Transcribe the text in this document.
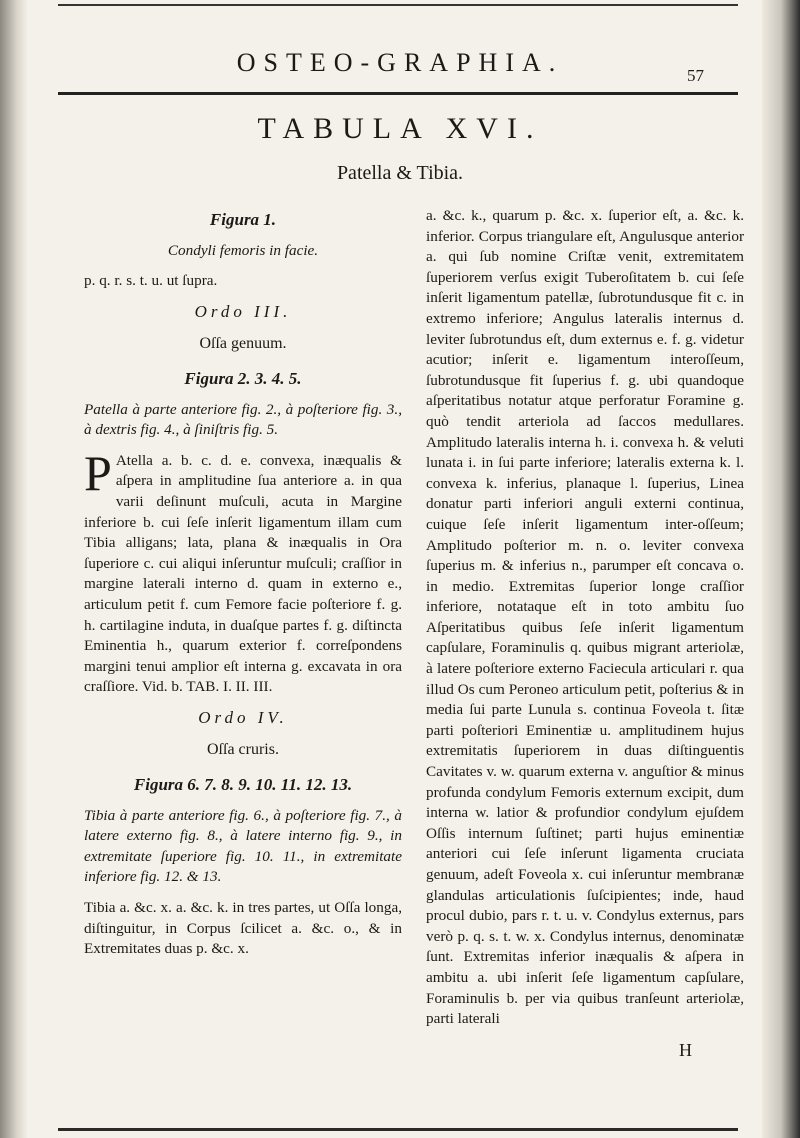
OSTEO-GRAPHIA.	57
TABULA XVI.
Patella & Tibia.
Figura 1.

Condyli femoris in facie.

p. q. r. s. t. u. ut ſupra.

Ordo III.
Oſſa genuum.
Figura 2. 3. 4. 5.

Patella à parte anteriore fig. 2., à poſteriore fig. 3., à dextris fig. 4., à ſiniſtris fig. 5.

P Atella a. b. c. d. e. convexa, inæqualis & aſpera in amplitudine ſua anteriore a. in qua varii deſinunt muſculi, acuta in Margine inferiore b. cui ſeſe inſerit ligamentum illam cum Tibia alligans; lata, plana & inæqualis in Ora ſuperiore c. cui aliqui inſeruntur muſculi; craſſior in margine laterali interno d. quam in externo e., articulum petit f. cum Femore facie poſteriore f. g. h. cartilagine induta, in duaſque partes f. g. diſtincta Eminentia h., quarum exterior f. correſpondens margini tenui amplior eſt interna g. excavata in ora craſſiore. Vid. b. TAB. I. II. III.

Ordo IV.
Oſſa cruris.
Figura 6. 7. 8. 9. 10. 11. 12. 13.

Tibia à parte anteriore fig. 6., à poſteriore fig. 7., à latere externo fig. 8., à latere interno fig. 9., in extremitate ſuperiore fig. 10. 11., in extremitate inferiore fig. 12. & 13.

Tibia a. &c. x. a. &c. k. in tres partes, ut Oſſa longa, diſtinguitur, in Corpus ſcilicet a. &c. o., & in Extremitates duas p. &c. x.

a. &c. k., quarum p. &c. x. ſuperior eſt, a. &c. k. inferior. Corpus triangulare eſt, Angulusque anterior a. qui ſub nomine Criſtæ venit, extremitatem ſuperiorem verſus exigit Tuberoſitatem b. cui ſeſe inſerit ligamentum patellæ, ſubrotundusque fit c. in extremo inferiore; Angulus lateralis internus d. leviter ſubrotundus eſt, dum externus e. f. g. videtur acutior; inſerit e. ligamentum interoſſeum, ſubrotundusque fit ſuperius f. g. ubi quandoque aſperitatibus notatur atque perforatur Foramine g. quò tendit arteriola ad ſaccos medullares. Amplitudo lateralis interna h. i. convexa h. & veluti lunata i. in ſui parte inferiore; lateralis externa k. l. convexa k. inferius, planaque l. ſuperius, Linea donatur parti inferiori anguli externi continua, cuique ſeſe inſerit ligamentum inter-oſſeum; Amplitudo poſterior m. n. o. leviter convexa ſuperius m. & inferius n., parumper eſt concava o. in medio. Extremitas ſuperior longe craſſior inferiore, notataque eſt in toto ambitu ſuo Aſperitatibus quibus ſeſe inſerit ligamentum capſulare, Foraminulis q. quibus migrant arteriolæ, à latere poſteriore externo Faciecula articulari r. qua illud Os cum Peroneo articulum petit, poſterius & in media ſui parte Lunula s. continua Foveola t. ſitæ parti poſteriori Eminentiæ u. amplitudinem hujus extremitatis ſuperiorem in duas diſtinguentis Cavitates v. w. quarum externa v. anguſtior & minus profunda condylum Femoris externum excipit, dum interna w. latior & profundior condylum ejuſdem Oſſis internum ſuſtinet; parti hujus eminentiæ anteriori cui ſeſe inſerunt ligamenta cruciata genuum, adeſt Foveola x. cui inſeruntur membranæ glandulas articulationis ſuſcipientes; inde, haud procul dubio, pars r. t. u. v. Condylus externus, pars verò p. q. s. t. w. x. Condylus internus, denominatæ ſunt. Extremitas inferior inæqualis & aſpera in ambitu a. ubi inſerit ſeſe ligamentum capſulare, Foraminulis b. per via quibus tranſeunt arteriolæ, parti laterali

H
